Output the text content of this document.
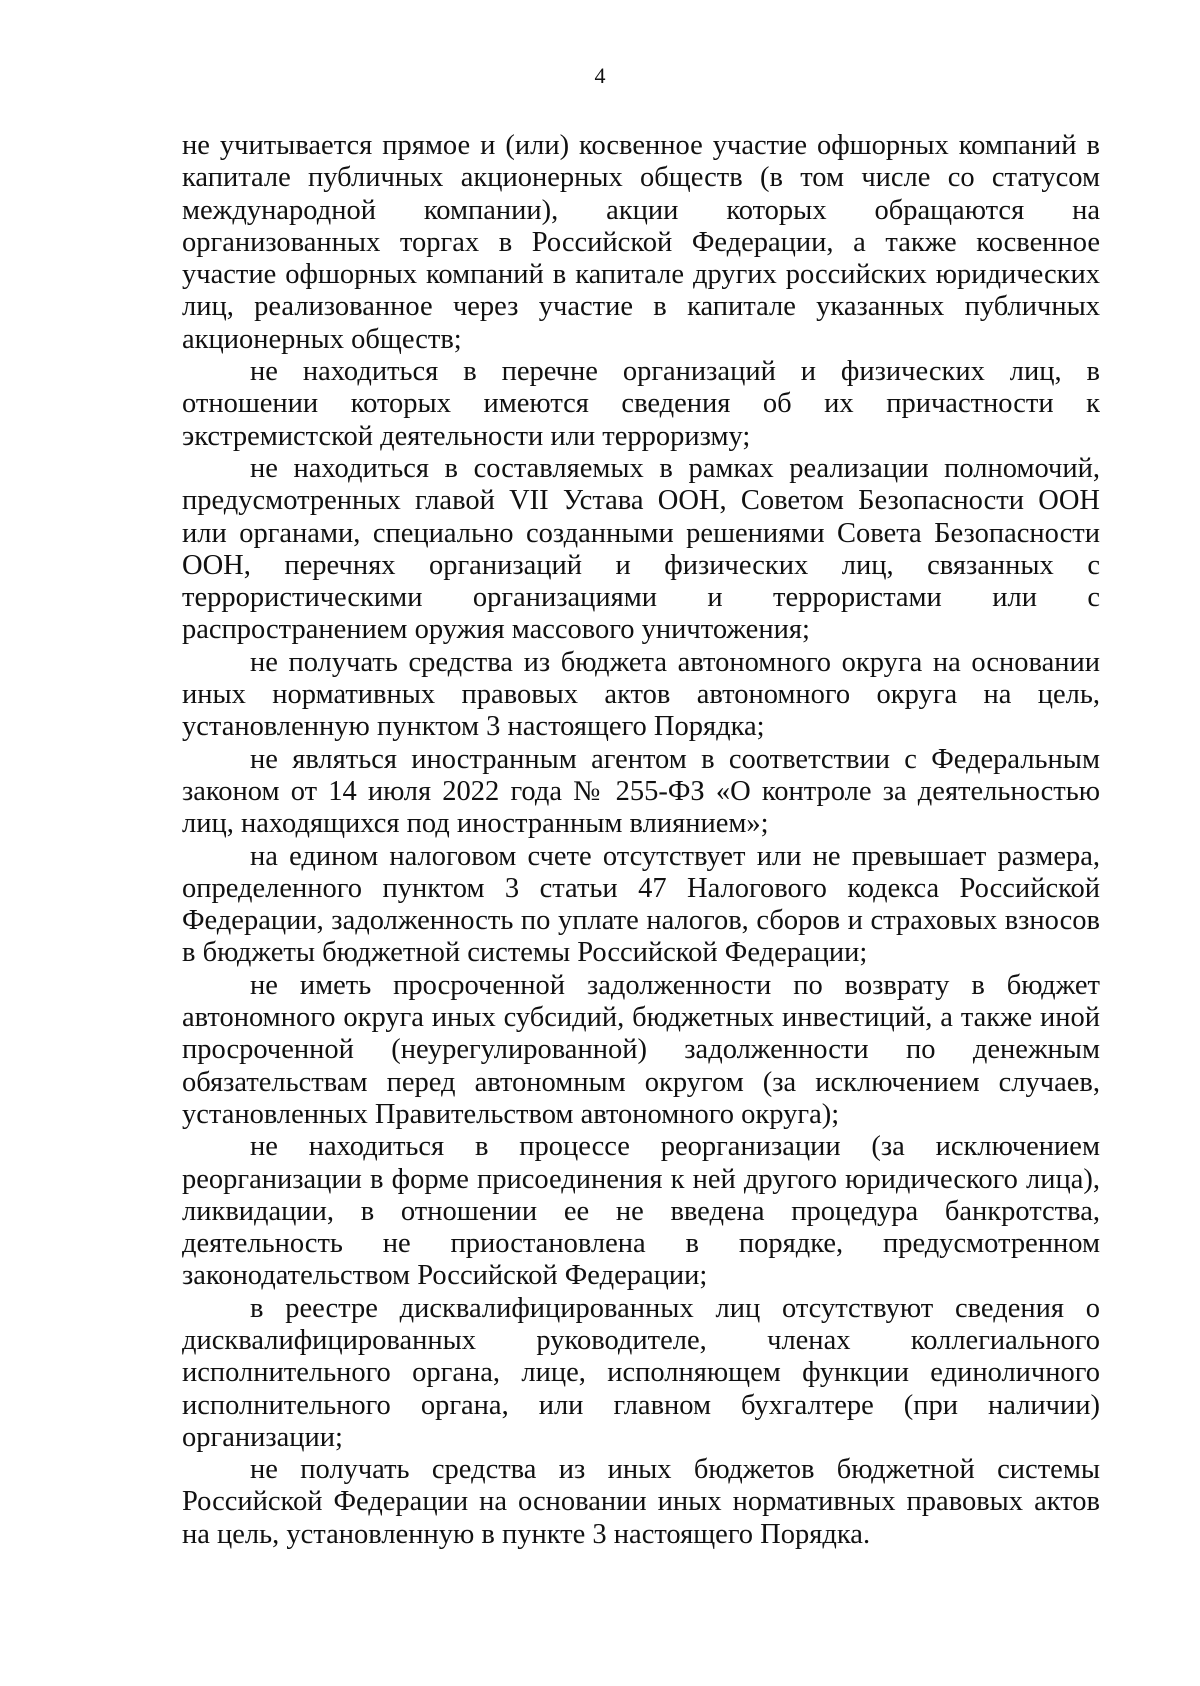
4

не учитывается прямое и (или) косвенное участие офшорных компаний в капитале публичных акционерных обществ (в том числе со статусом международной компании), акции которых обращаются на организованных торгах в Российской Федерации, а также косвенное участие офшорных компаний в капитале других российских юридических лиц, реализованное через участие в капитале указанных публичных акционерных обществ;

не находиться в перечне организаций и физических лиц, в отношении которых имеются сведения об их причастности к экстремистской деятельности или терроризму;

не находиться в составляемых в рамках реализации полномочий, предусмотренных главой VII Устава ООН, Советом Безопасности ООН или органами, специально созданными решениями Совета Безопасности ООН, перечнях организаций и физических лиц, связанных с террористическими организациями и террористами или с распространением оружия массового уничтожения;

не получать средства из бюджета автономного округа на основании иных нормативных правовых актов автономного округа на цель, установленную пунктом 3 настоящего Порядка;

не являться иностранным агентом в соответствии с Федеральным законом от 14 июля 2022 года № 255-ФЗ «О контроле за деятельностью лиц, находящихся под иностранным влиянием»;

на едином налоговом счете отсутствует или не превышает размера, определенного пунктом 3 статьи 47 Налогового кодекса Российской Федерации, задолженность по уплате налогов, сборов и страховых взносов в бюджеты бюджетной системы Российской Федерации;

не иметь просроченной задолженности по возврату в бюджет автономного округа иных субсидий, бюджетных инвестиций, а также иной просроченной (неурегулированной) задолженности по денежным обязательствам перед автономным округом (за исключением случаев, установленных Правительством автономного округа);

не находиться в процессе реорганизации (за исключением реорганизации в форме присоединения к ней другого юридического лица), ликвидации, в отношении ее не введена процедура банкротства, деятельность не приостановлена в порядке, предусмотренном законодательством Российской Федерации;

в реестре дисквалифицированных лиц отсутствуют сведения о дисквалифицированных руководителе, членах коллегиального исполнительного органа, лице, исполняющем функции единоличного исполнительного органа, или главном бухгалтере (при наличии) организации;

не получать средства из иных бюджетов бюджетной системы Российской Федерации на основании иных нормативных правовых актов на цель, установленную в пункте 3 настоящего Порядка.
